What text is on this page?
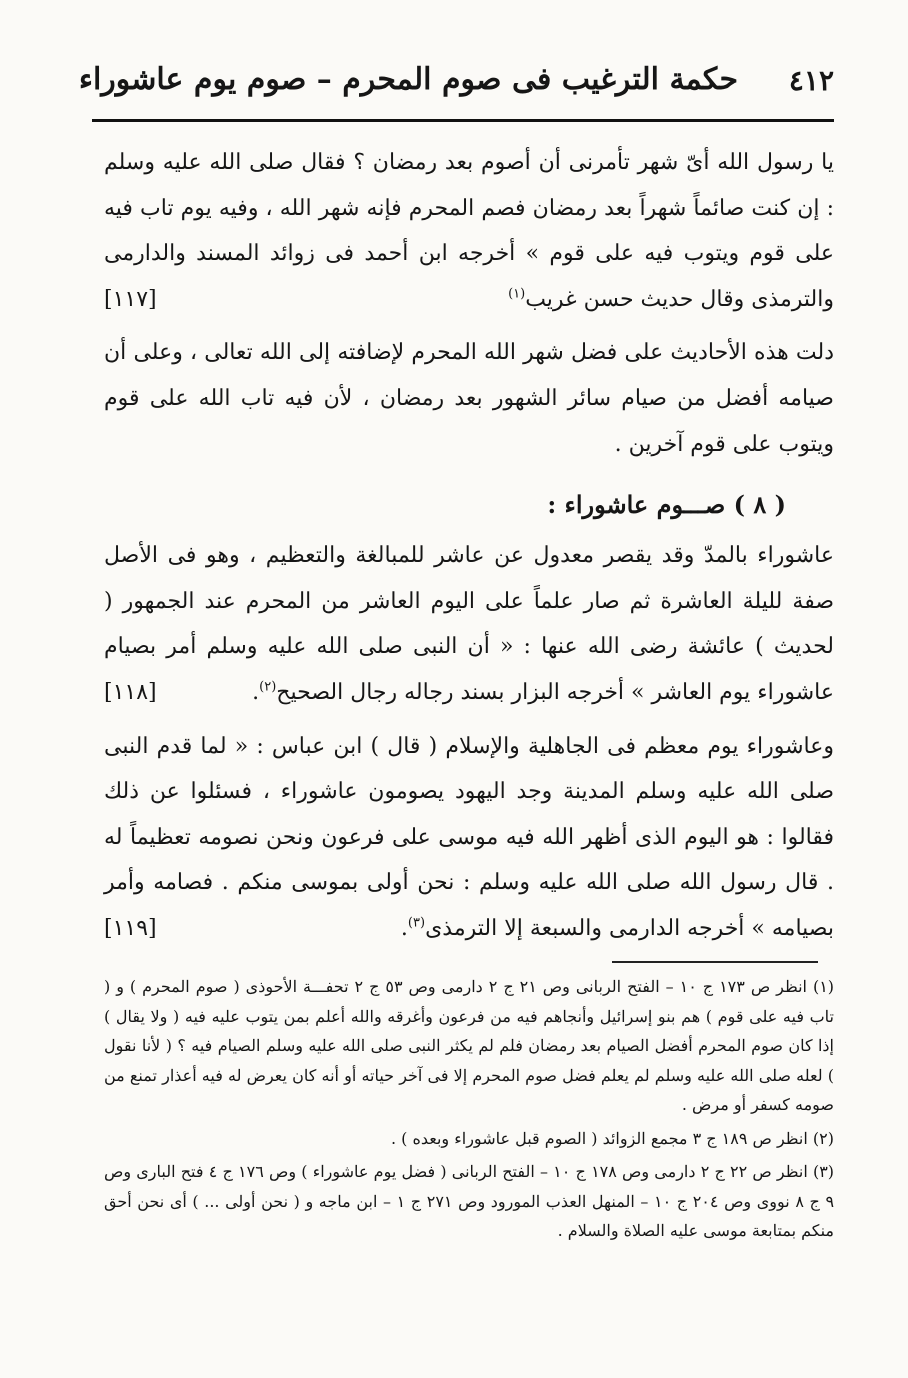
٤١٢
حكمة الترغيب فى صوم المحرم – صوم يوم عاشوراء

يا رسول الله أىّ شهر تأمرنى أن أصوم بعد رمضان ؟ فقال صلى الله عليه وسلم : إن كنت صائماً شهراً بعد رمضان فصم المحرم فإنه شهر الله ، وفيه يوم تاب فيه على قوم ويتوب فيه على قوم » أخرجه ابن أحمد فى زوائد المسند والدارمى والترمذى وقال حديث حسن غريب$^{(١)}$
[١١٧]

دلت هذه الأحاديث على فضل شهر الله المحرم لإضافته إلى الله تعالى ، وعلى أن صيامه أفضل من صيام سائر الشهور بعد رمضان ، لأن فيه تاب الله على قوم ويتوب على قوم آخرين .

( ٨ ) صـــوم عاشوراء :

عاشوراء بالمدّ وقد يقصر معدول عن عاشر للمبالغة والتعظيم ، وهو فى الأصل صفة لليلة العاشرة ثم صار علماً على اليوم العاشر من المحرم عند الجمهور ( لحديث ) عائشة رضى الله عنها : « أن النبى صلى الله عليه وسلم أمر بصيام عاشوراء يوم العاشر » أخرجه البزار بسند رجاله رجال الصحيح$^{(٢)}$.
[١١٨]

وعاشوراء يوم معظم فى الجاهلية والإسلام ( قال ) ابن عباس : « لما قدم النبى صلى الله عليه وسلم المدينة وجد اليهود يصومون عاشوراء ، فسئلوا عن ذلك فقالوا : هو اليوم الذى أظهر الله فيه موسى على فرعون ونحن نصومه تعظيماً له . قال رسول الله صلى الله عليه وسلم : نحن أولى بموسى منكم . فصامه وأمر بصيامه » أخرجه الدارمى والسبعة إلا الترمذى$^{(٣)}$.
[١١٩]

(١) انظر ص ١٧٣ ج ١٠ – الفتح الربانى وص ٢١ ج ٢ دارمى وص ٥٣ ج ٢ تحفـــة الأحوذى ( صوم المحرم ) و ( تاب فيه على قوم ) هم بنو إسرائيل وأنجاهم فيه من فرعون وأغرقه والله أعلم بمن يتوب عليه فيه ( ولا يقال ) إذا كان صوم المحرم أفضل الصيام بعد رمضان فلم لم يكثر النبى صلى الله عليه وسلم الصيام فيه ؟ ( لأنا نقول ) لعله صلى الله عليه وسلم لم يعلم فضل صوم المحرم إلا فى آخر حياته أو أنه كان يعرض له فيه أعذار تمنع من صومه كسفر أو مرض .

(٢) انظر ص ١٨٩ ج ٣ مجمع الزوائد ( الصوم قبل عاشوراء وبعده ) .

(٣) انظر ص ٢٢ ج ٢ دارمى وص ١٧٨ ج ١٠ – الفتح الربانى ( فضل يوم عاشوراء ) وص ١٧٦ ج ٤ فتح البارى وص ٩ ج ٨ نووى وص ٢٠٤ ج ١٠ – المنهل العذب المورود وص ٢٧١ ج ١ – ابن ماجه و ( نحن أولى ... ) أى نحن أحق منكم بمتابعة موسى عليه الصلاة والسلام .
